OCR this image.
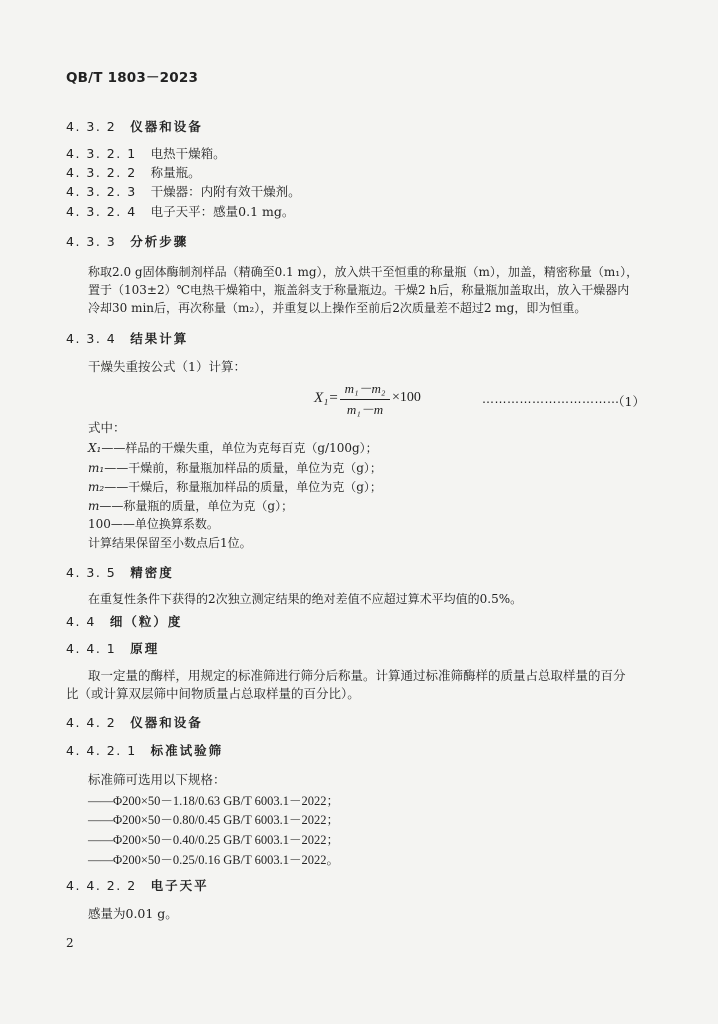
QB/T 1803－2023
4. 3. 2 仪器和设备
4. 3. 2. 1 电热干燥箱。
4. 3. 2. 2 称量瓶。
4. 3. 2. 3 干燥器：内附有效干燥剂。
4. 3. 2. 4 电子天平：感量0.1 mg。
4. 3. 3 分析步骤
称取2.0 g固体酶制剂样品（精确至0.1 mg），放入烘干至恒重的称量瓶（m），加盖，精密称量（m₁），
置于（103±2）℃电热干燥箱中，瓶盖斜支于称量瓶边。干燥2 h后，称量瓶加盖取出，放入干燥器内
冷却30 min后，再次称量（m₂），并重复以上操作至前后2次质量差不超过2 mg，即为恒重。
4. 3. 4 结果计算
干燥失重按公式（1）计算：
X₁=
m₁－m₂
m₁－m
×100	……………………………
（1）
式中：
X₁——样品的干燥失重，单位为克每百克（g/100g）；
m₁——干燥前，称量瓶加样品的质量，单位为克（g）；
m₂——干燥后，称量瓶加样品的质量，单位为克（g）；
m——称量瓶的质量，单位为克（g）；
100——单位换算系数。
计算结果保留至小数点后1位。
4. 3. 5 精密度
在重复性条件下获得的2次独立测定结果的绝对差值不应超过算术平均值的0.5%。
4. 4 细（粒）度
4. 4. 1 原理
取一定量的酶样，用规定的标准筛进行筛分后称量。计算通过标准筛酶样的质量占总取样量的百分
比（或计算双层筛中间物质量占总取样量的百分比）。
4. 4. 2 仪器和设备
4. 4. 2. 1 标准试验筛
标准筛可选用以下规格：
——Φ200×50－1.18/0.63 GB/T 6003.1－2022；
——Φ200×50－0.80/0.45 GB/T 6003.1－2022；
——Φ200×50－0.40/0.25 GB/T 6003.1－2022；
——Φ200×50－0.25/0.16 GB/T 6003.1－2022。
4. 4. 2. 2 电子天平
感量为0.01 g。
2
